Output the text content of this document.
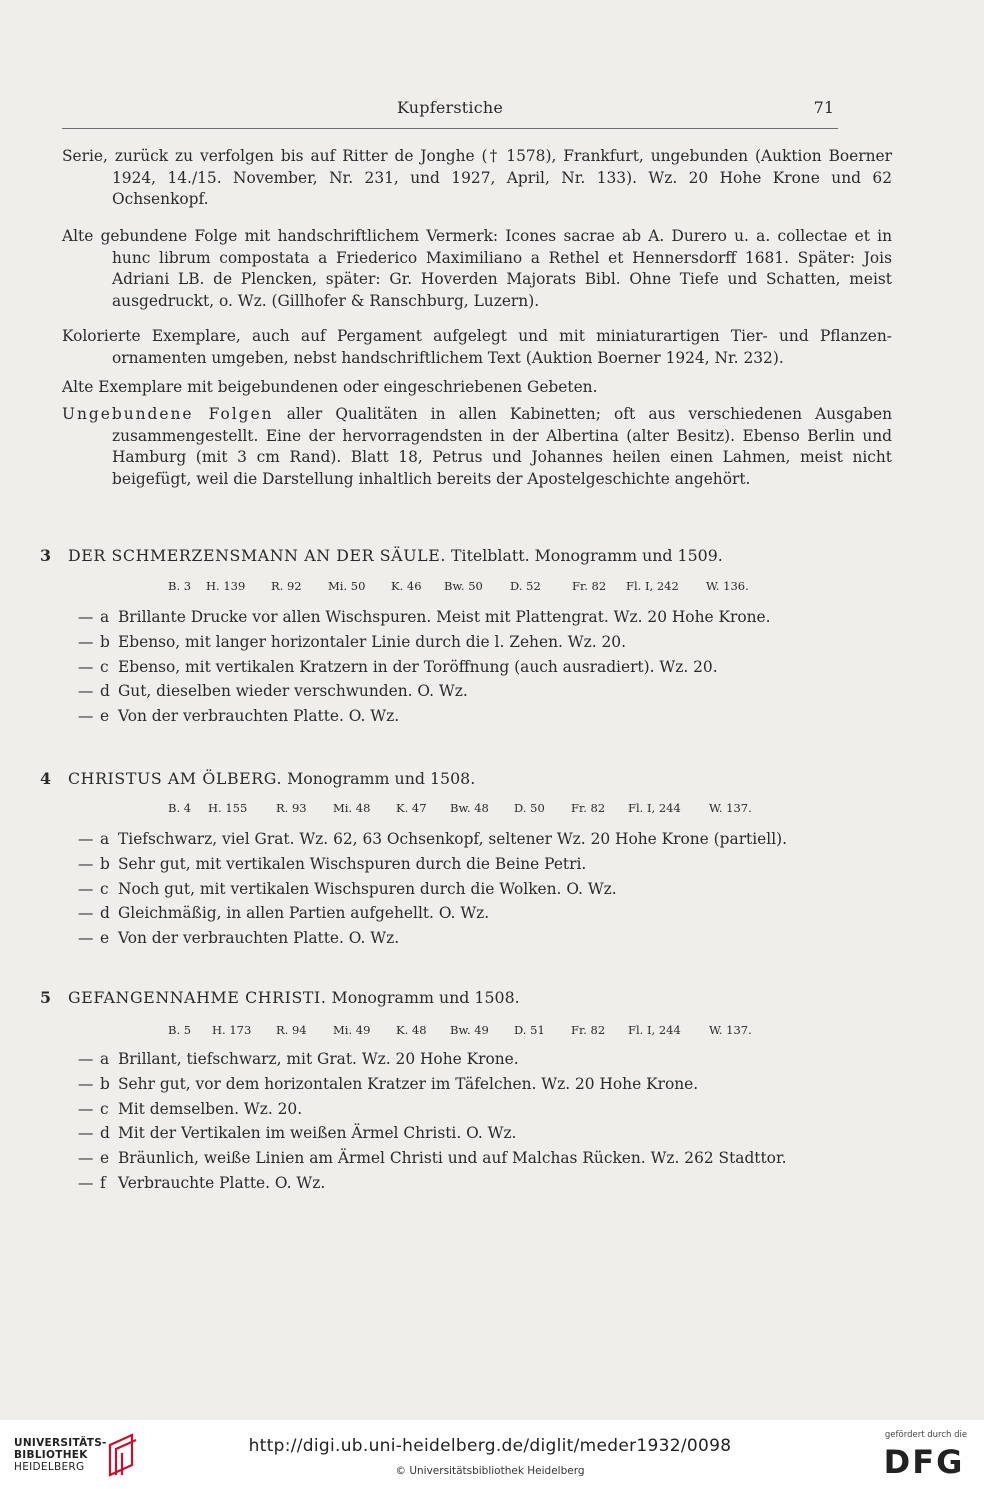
Kupferstiche	71
Serie, zurück zu verfolgen bis auf Ritter de Jonghe († 1578), Frankfurt, ungebunden (Auktion Boerner 1924, 14./15. November, Nr. 231, und 1927, April, Nr. 133). Wz. 20 Hohe Krone und 62 Ochsenkopf.
Alte gebundene Folge mit handschriftlichem Vermerk: Icones sacrae ab A. Durero u. a. collectae et in hunc librum compostata a Friederico Maximiliano a Rethel et Hennersdorff 1681. Später: Jois Adriani LB. de Plencken, später: Gr. Hoverden Majorats Bibl. Ohne Tiefe und Schatten, meist ausgedruckt, o. Wz. (Gillhofer & Ranschburg, Luzern).
Kolorierte Exemplare, auch auf Pergament aufgelegt und mit miniaturartigen Tier- und Pflanzen-ornamenten umgeben, nebst handschriftlichem Text (Auktion Boerner 1924, Nr. 232).
Alte Exemplare mit beigebundenen oder eingeschriebenen Gebeten.
Ungebundene Folgen aller Qualitäten in allen Kabinetten; oft aus verschiedenen Ausgaben zusammengestellt. Eine der hervorragendsten in der Albertina (alter Besitz). Ebenso Berlin und Hamburg (mit 3 cm Rand). Blatt 18, Petrus und Johannes heilen einen Lahmen, meist nicht beigefügt, weil die Darstellung inhaltlich bereits der Apostelgeschichte angehört.
3 DER SCHMERZENSMANN AN DER SÄULE. Titelblatt. Monogramm und 1509.
B. 3 H. 139 R. 92 Mi. 50 K. 46 Bw. 50 D. 52	Fr. 82 Fl. I, 242 W. 136.
— a Brillante Drucke vor allen Wischspuren. Meist mit Plattengrat. Wz. 20 Hohe Krone.
— b Ebenso, mit langer horizontaler Linie durch die l. Zehen. Wz. 20.
— c Ebenso, mit vertikalen Kratzern in der Toröffnung (auch ausradiert). Wz. 20.
— d Gut, dieselben wieder verschwunden. O. Wz.
— e Von der verbrauchten Platte. O. Wz.
4 CHRISTUS AM ÖLBERG. Monogramm und 1508.
B. 4 H. 155 R. 93 Mi. 48 K. 47 Bw. 48 D. 50 Fr. 82 Fl. I, 244 W. 137.
— a Tiefschwarz, viel Grat. Wz. 62, 63 Ochsenkopf, seltener Wz. 20 Hohe Krone (partiell).
— b Sehr gut, mit vertikalen Wischspuren durch die Beine Petri.
— c Noch gut, mit vertikalen Wischspuren durch die Wolken. O. Wz.
— d Gleichmäßig, in allen Partien aufgehellt. O. Wz.
— e Von der verbrauchten Platte. O. Wz.
5 GEFANGENNAHME CHRISTI. Monogramm und 1508.
B. 5 H. 173 R. 94 Mi. 49 K. 48 Bw. 49 D. 51 Fr. 82 Fl. I, 244 W. 137.
— a Brillant, tiefschwarz, mit Grat. Wz. 20 Hohe Krone.
— b Sehr gut, vor dem horizontalen Kratzer im Täfelchen. Wz. 20 Hohe Krone.
— c Mit demselben. Wz. 20.
— d Mit der Vertikalen im weißen Ärmel Christi. O. Wz.
— e Bräunlich, weiße Linien am Ärmel Christi und auf Malchas Rücken. Wz. 262 Stadttor.
— f Verbrauchte Platte. O. Wz.
UNIVERSITÄTS-
BIBLIOTHEK
HEIDELBERG
http://digi.ub.uni-heidelberg.de/diglit/meder1932/0098
© Universitätsbibliothek Heidelberg
gefördert durch die
DFG
